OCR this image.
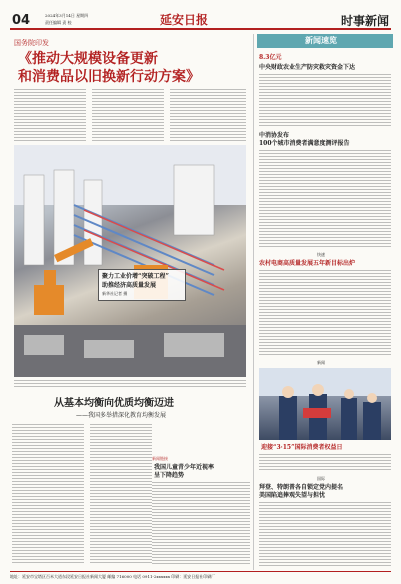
04	2024年3月14日 星期四
责任编辑 责 校	延安日报	时事新闻
国务院印发
《推动大规模设备更新
和消费品以旧换新行动方案》
聚力工业价增“突破工程”
助推经济高质量发展
新华社记者 摄
从基本均衡向优质均衡迈进
——我国多举措深化教育均衡发展
新闻链接
我国儿童青少年近视率
呈下降趋势
新闻速览
8.3亿元
中央财政农业生产防灾救灾资金下达
中消协发布
100个城市消费者满意度测评报告
快速
农村电商高质量发展五年新目标出炉
新闻
迎接“3·15”国际消费者权益日
国际
拜登、特朗普各自锁定党内提名
美国陷追捧观失望与担忧
地址：延安市宝塔区百米大道东段延安日报社新闻大厦 邮编 716000 电话 0911-2xxxxxx 印刷：延安日报社印刷厂
